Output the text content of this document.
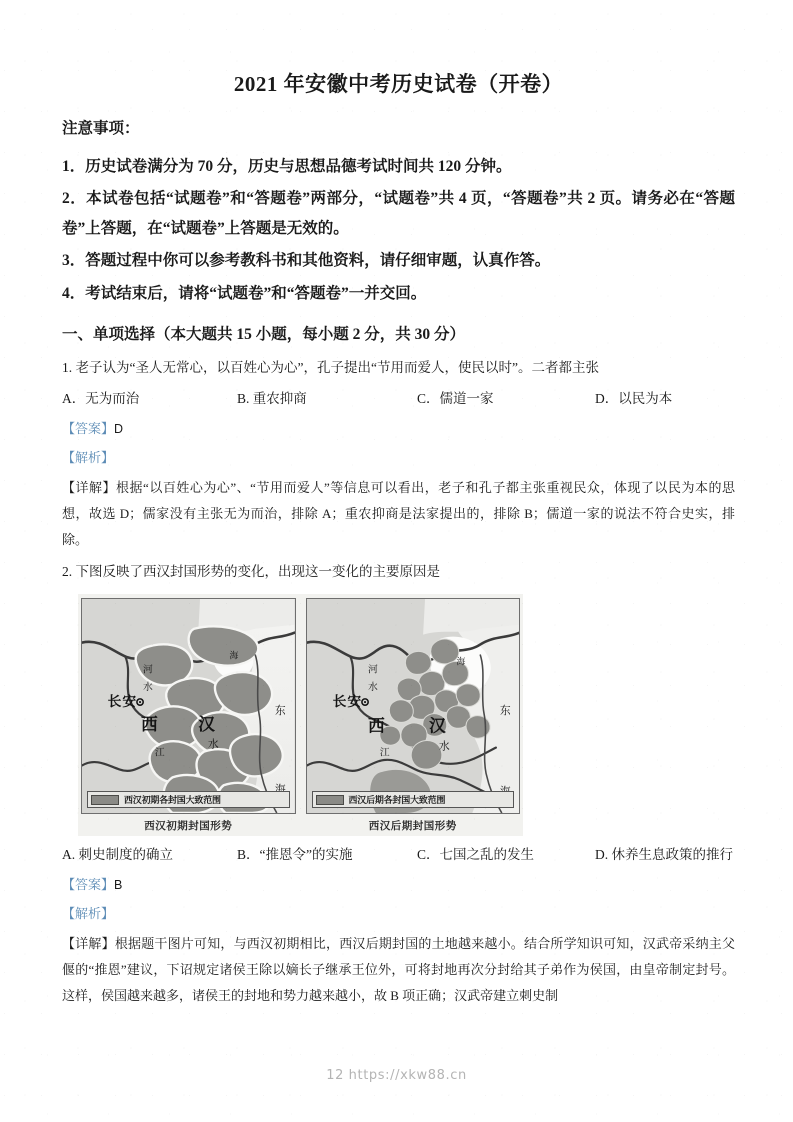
2021 年安徽中考历史试卷（开卷）
注意事项：

1．历史试卷满分为 70 分，历史与思想品德考试时间共 120 分钟。

2．本试卷包括“试题卷”和“答题卷”两部分，“试题卷”共 4 页，“答题卷”共 2 页。请务必在“答题卷”上答题，在“试题卷”上答题是无效的。

3．答题过程中你可以参考教科书和其他资料，请仔细审题，认真作答。

4．考试结束后，请将“试题卷”和“答题卷”一并交回。

一、单项选择（本大题共 15 小题，每小题 2 分，共 30 分）

1. 老子认为“圣人无常心，以百姓心为心”，孔子提出“节用而爱人，使民以时”。二者都主张

A．无为而治	B. 重农抑商	C．儒道一家	D．以民为本

【答案】D

【解析】

【详解】根据“以百姓心为心”、“节用而爱人”等信息可以看出，老子和孔子都主张重视民众，体现了以民为本的思想，故选 D；儒家没有主张无为而治，排除 A；重农抑商是法家提出的，排除 B；儒道一家的说法不符合史实，排除。

2. 下图反映了西汉封国形势的变化，出现这一变化的主要原因是

长安
西 汉
河
水
江
水
东
海
西汉初期各封国大致范围
西汉初期封国形势
长安
西	汉
河
水
江
水
东
海
西汉后期各封国大致范围
西汉后期封国形势
A. 刺史制度的确立	B．“推恩令”的实施	C．七国之乱的发生	D. 休养生息政策的推行

【答案】B

【解析】

【详解】根据题干图片可知，与西汉初期相比，西汉后期封国的土地越来越小。结合所学知识可知，汉武帝采纳主父偃的“推恩”建议，下诏规定诸侯王除以嫡长子继承王位外，可将封地再次分封给其子弟作为侯国，由皇帝制定封号。这样，侯国越来越多，诸侯王的封地和势力越来越小，故 B 项正确；汉武帝建立刺史制

12 https://xkw88.cn
